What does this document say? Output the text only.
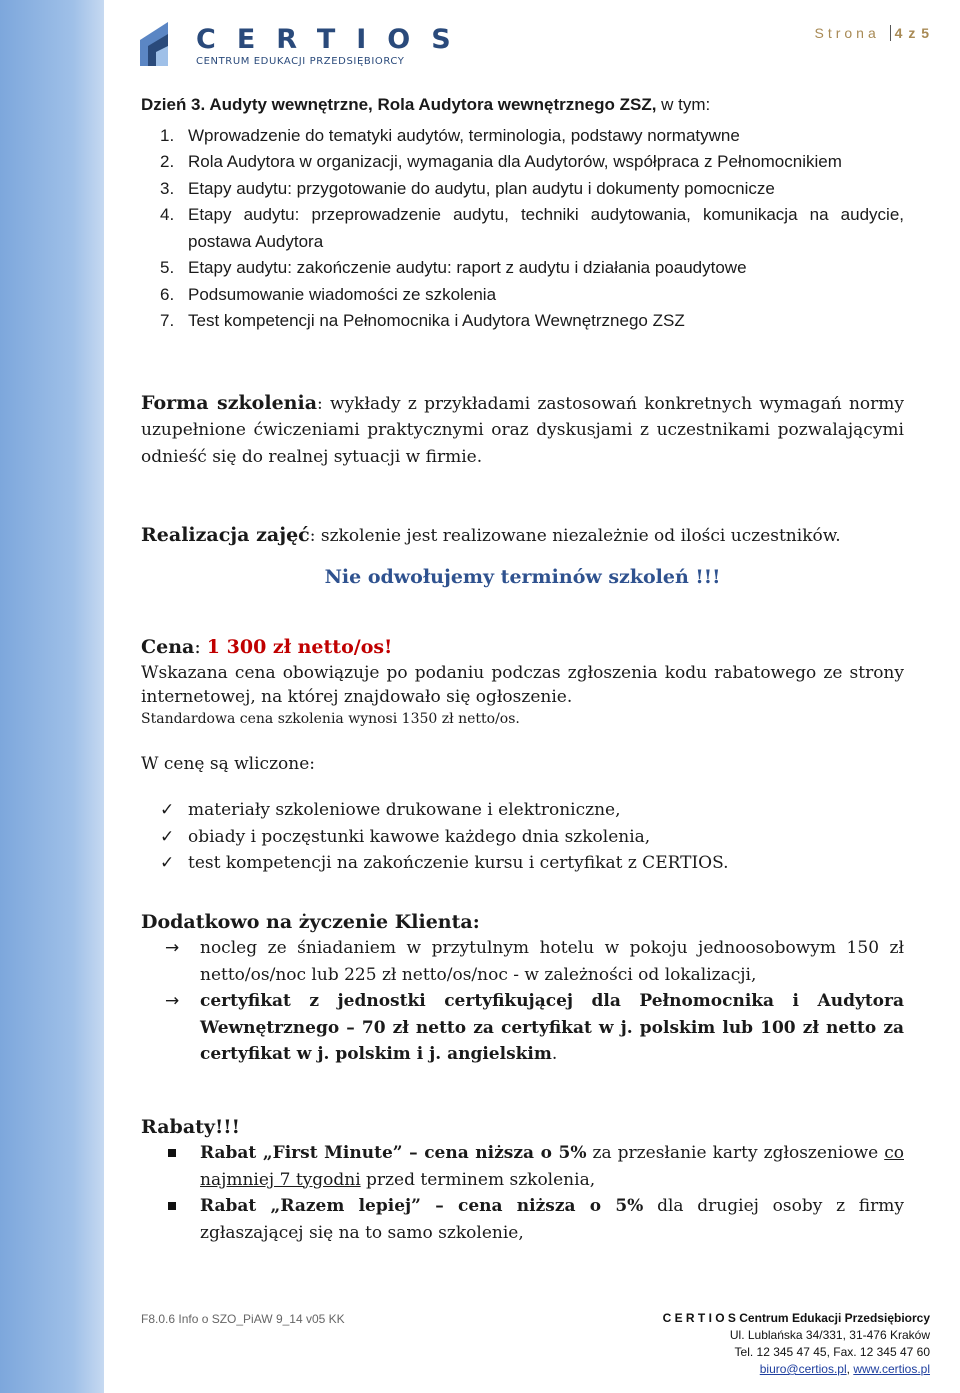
CERTIOS
CENTRUM EDUKACJI PRZEDSIĘBIORCY
Strona 4 z 5

Dzień 3. Audyty wewnętrzne, Rola Audytora wewnętrznego ZSZ, w tym:

1. Wprowadzenie do tematyki audytów, terminologia, podstawy normatywne
2. Rola Audytora w organizacji, wymagania dla Audytorów, współpraca z Pełnomocnikiem
3. Etapy audytu: przygotowanie do audytu, plan audytu i dokumenty pomocnicze
4. Etapy audytu: przeprowadzenie audytu, techniki audytowania, komunikacja na audycie, postawa Audytora
5. Etapy audytu: zakończenie audytu: raport z audytu i działania poaudytowe
6. Podsumowanie wiadomości ze szkolenia
7. Test kompetencji na Pełnomocnika i Audytora Wewnętrznego ZSZ

Forma szkolenia: wykłady z przykładami zastosowań konkretnych wymagań normy uzupełnione ćwiczeniami praktycznymi oraz dyskusjami z uczestnikami pozwalającymi odnieść się do realnej sytuacji w firmie.

Realizacja zajęć: szkolenie jest realizowane niezależnie od ilości uczestników.

Nie odwołujemy terminów szkoleń !!!

Cena: 1 300 zł netto/os!

Wskazana cena obowiązuje po podaniu podczas zgłoszenia kodu rabatowego ze strony internetowej, na której znajdowało się ogłoszenie.

Standardowa cena szkolenia wynosi 1350 zł netto/os.

W cenę są wliczone:

✓ materiały szkoleniowe drukowane i elektroniczne,
✓ obiady i poczęstunki kawowe każdego dnia szkolenia,
✓ test kompetencji na zakończenie kursu i certyfikat z CERTIOS.

Dodatkowo na życzenie Klienta:

→ nocleg ze śniadaniem w przytulnym hotelu w pokoju jednoosobowym 150 zł netto/os/noc lub 225 zł netto/os/noc - w zależności od lokalizacji,
→ certyfikat z jednostki certyfikującej dla Pełnomocnika i Audytora Wewnętrznego – 70 zł netto za certyfikat w j. polskim lub 100 zł netto za certyfikat w j. polskim i j. angielskim.

Rabaty!!!

Rabat „First Minute” – cena niższa o 5% za przesłanie karty zgłoszeniowe co najmniej 7 tygodni przed terminem szkolenia,
Rabat „Razem lepiej” – cena niższa o 5% dla drugiej osoby z firmy zgłaszającej się na to samo szkolenie,
F8.0.6 Info o SZO_PiAW 9_14 v05 KK	C E R T I O S Centrum Edukacji Przedsiębiorcy
Ul. Lublańska 34/331, 31-476 Kraków
Tel. 12 345 47 45, Fax. 12 345 47 60
biuro@certios.pl, www.certios.pl
